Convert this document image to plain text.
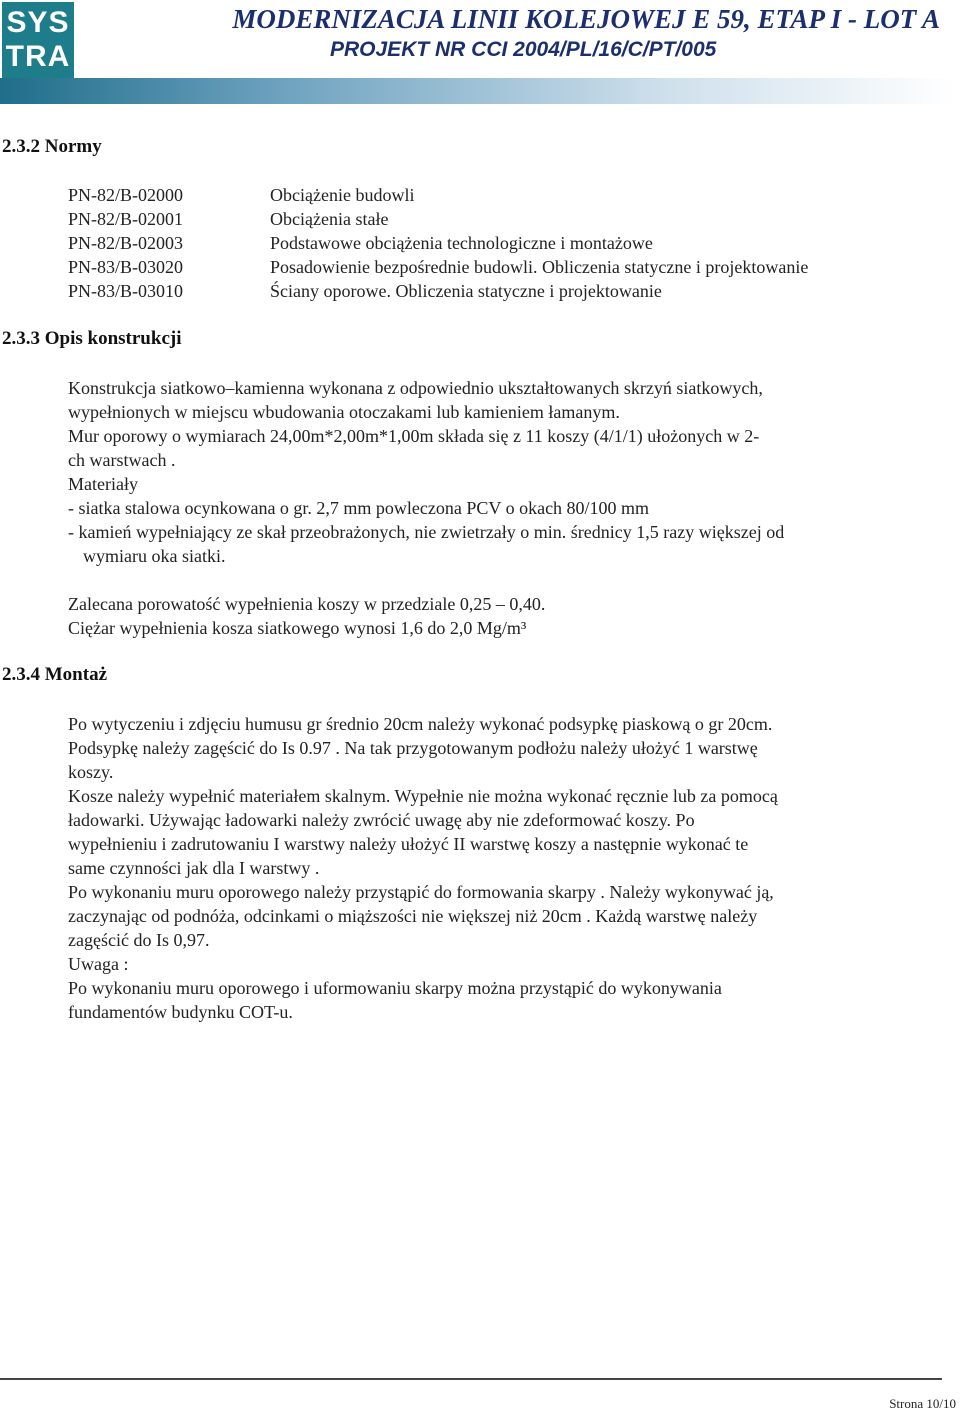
SYS
TRA
MODERNIZACJA LINII KOLEJOWEJ E 59, ETAP I - LOT A
PROJEKT NR CCI 2004/PL/16/C/PT/005
2.3.2 Normy
PN-82/B-02000
PN-82/B-02001
PN-82/B-02003
PN-83/B-03020
PN-83/B-03010
Obciążenie budowli
Obciążenia stałe
Podstawowe obciążenia technologiczne i montażowe
Posadowienie bezpośrednie budowli. Obliczenia statyczne i projektowanie
Ściany oporowe. Obliczenia statyczne i projektowanie
2.3.3 Opis konstrukcji
Konstrukcja siatkowo–kamienna wykonana z odpowiednio ukształtowanych skrzyń siatkowych,
wypełnionych w miejscu wbudowania otoczakami lub kamieniem łamanym.
Mur oporowy o wymiarach 24,00m*2,00m*1,00m składa się z 11 koszy (4/1/1) ułożonych w 2-
ch warstwach .
Materiały
- siatka stalowa ocynkowana o gr. 2,7 mm powleczona PCV o okach 80/100 mm
- kamień wypełniający ze skał przeobrażonych, nie zwietrzały o min. średnicy 1,5 razy większej od
wymiaru oka siatki.
Zalecana porowatość wypełnienia koszy w przedziale 0,25 – 0,40.
Ciężar wypełnienia kosza siatkowego wynosi 1,6 do 2,0 Mg/m³
2.3.4 Montaż
Po wytyczeniu i zdjęciu humusu gr średnio 20cm należy wykonać podsypkę piaskową o gr 20cm.
Podsypkę należy zagęścić do Is 0.97 . Na tak przygotowanym podłożu należy ułożyć 1 warstwę
koszy.
Kosze należy wypełnić materiałem skalnym. Wypełnie nie można wykonać ręcznie lub za pomocą
ładowarki. Używając ładowarki należy zwrócić uwagę aby nie zdeformować koszy. Po
wypełnieniu i zadrutowaniu I warstwy należy ułożyć II warstwę koszy a następnie wykonać te
same czynności jak dla I warstwy .
Po wykonaniu muru oporowego należy przystąpić do formowania skarpy . Należy wykonywać ją,
zaczynając od podnóża, odcinkami o miąższości nie większej niż 20cm . Każdą warstwę należy
zagęścić do Is 0,97.
Uwaga :
Po wykonaniu muru oporowego i uformowaniu skarpy można przystąpić do wykonywania
fundamentów budynku COT-u.
Strona 10/10
